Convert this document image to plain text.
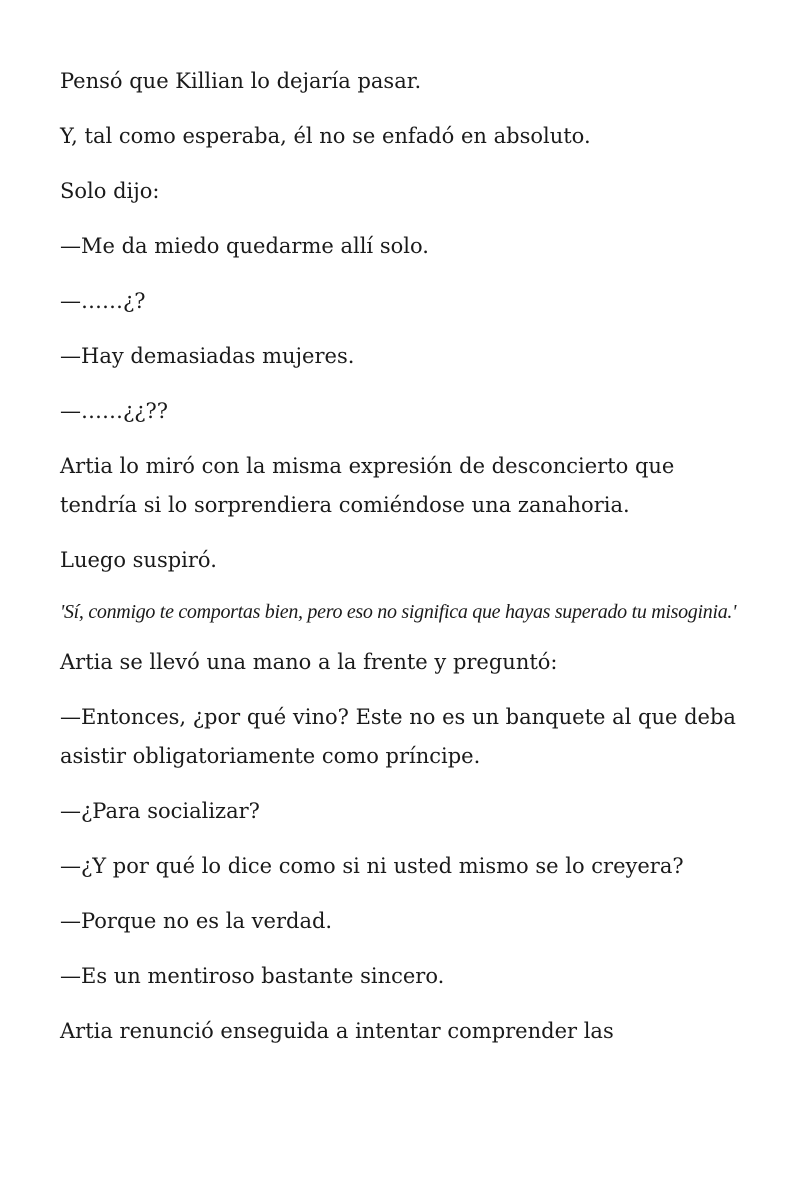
Pensó que Killian lo dejaría pasar.

Y, tal como esperaba, él no se enfadó en absoluto.

Solo dijo:

—Me da miedo quedarme allí solo.

—……¿?

—Hay demasiadas mujeres.

—……¿¿??

Artia lo miró con la misma expresión de desconcierto que tendría si lo sorprendiera comiéndose una zanahoria.

Luego suspiró.

'Sí, conmigo te comportas bien, pero eso no significa que hayas superado tu misoginia.'

Artia se llevó una mano a la frente y preguntó:

—Entonces, ¿por qué vino? Este no es un banquete al que deba asistir obligatoriamente como príncipe.

—¿Para socializar?

—¿Y por qué lo dice como si ni usted mismo se lo creyera?

—Porque no es la verdad.

—Es un mentiroso bastante sincero.

Artia renunció enseguida a intentar comprender las
